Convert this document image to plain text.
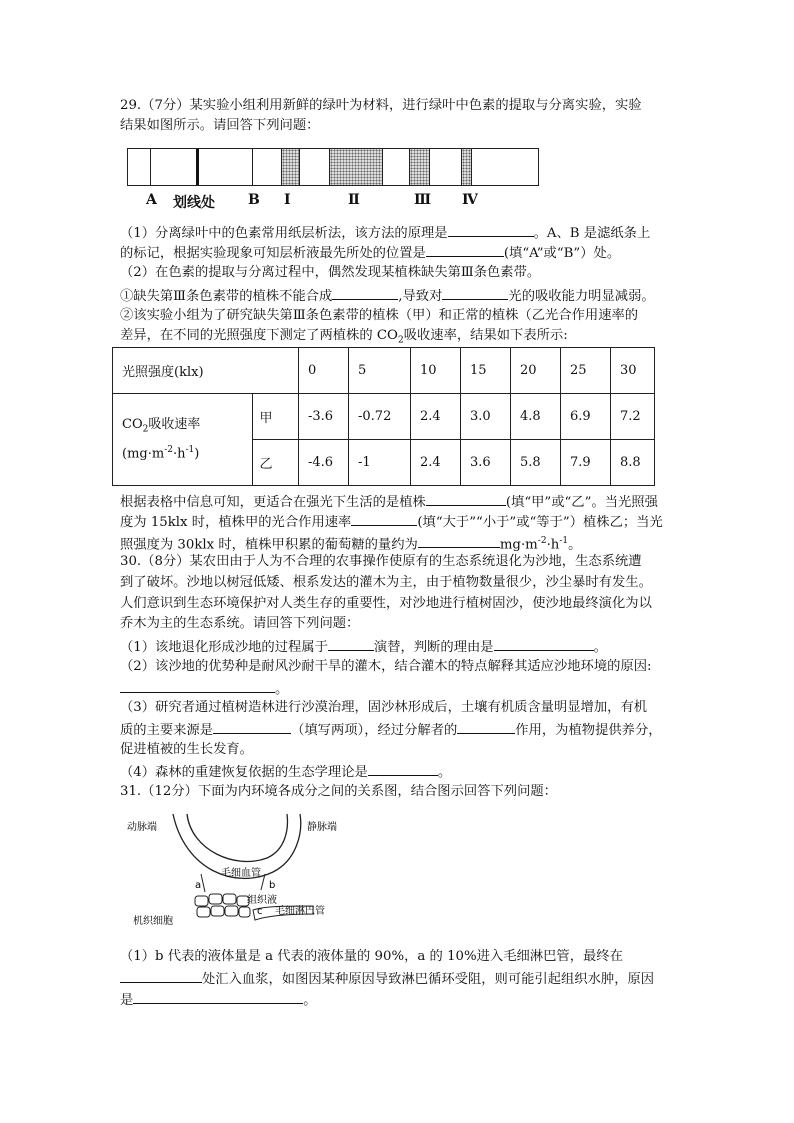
29.（7分）某实验小组利用新鲜的绿叶为材料，进行绿叶中色素的提取与分离实验，实验
结果如图所示。请回答下列问题：
A 划线处 B Ⅰ	Ⅱ	Ⅲ Ⅳ
（1）分离绿叶中的色素常用纸层析法，该方法的原理是	。A、B 是滤纸条上
的标记，根据实验现象可知层析液最先所处的位置是	(填“A”或“B”）处。
（2）在色素的提取与分离过程中，偶然发现某植株缺失第Ⅲ条色素带。
①缺失第Ⅲ条色素带的植株不能合成	,导致对	光的吸收能力明显减弱。
②该实验小组为了研究缺失第Ⅲ条色素带的植株（甲）和正常的植株（乙光合作用速率的
差异，在不同的光照强度下测定了两植株的 $CO_2$吸收速率，结果如下表所示:
光照强度(klx)		0	5	10	15	20	25	30
$CO_2$吸收速率
$(mg\cdot m^{-2}\cdot h^{-1})$	甲	-3.6	-0.72	2.4	3.0	4.8	6.9	7.2
	乙	-4.6	-1	2.4	3.6	5.8	7.9	8.8
根据表格中信息可知，更适合在强光下生活的是植株	(填“甲”或“乙”。当光照强
度为 15klx 时，植株甲的光合作用速率	(填“大于”“小于”或“等于”）植株乙；当光
照强度为 30klx 时，植株甲积累的葡萄糖的量约为	$mg\cdot m^{-2}\cdot h^{-1}$。
30.（8分）某农田由于人为不合理的农事操作使原有的生态系统退化为沙地，生态系统遭
到了破坏。沙地以树冠低矮、根系发达的灌木为主，由于植物数量很少，沙尘暴时有发生。
人们意识到生态环境保护对人类生存的重要性，对沙地进行植树固沙，使沙地最终演化为以
乔木为主的生态系统。请回答下列问题：
（1）该地退化形成沙地的过程属于	演替，判断的理由是	。
（2）该沙地的优势种是耐风沙耐干旱的灌木，结合灌木的特点解释其适应沙地环境的原因:
。
（3）研究者通过植树造林进行沙漠治理，固沙林形成后，土壤有机质含量明显增加，有机
质的主要来源是	（填写两项），经过分解者的	作用，为植物提供养分，
促进植被的生长发育。
（4）森林的重建恢复依据的生态学理论是	。
31.（12分）下面为内环境各成分之间的关系图，结合图示回答下列问题：
动脉端	静脉端
毛细血管
a	b
组织液
c 毛细淋巴管
机织细胞
（1）b 代表的液体量是 a 代表的液体量的 90%，a 的 10%进入毛细淋巴管，最终在
处汇入血浆，如图因某种原因导致淋巴循环受阻，则可能引起组织水肿，原因
是	。
